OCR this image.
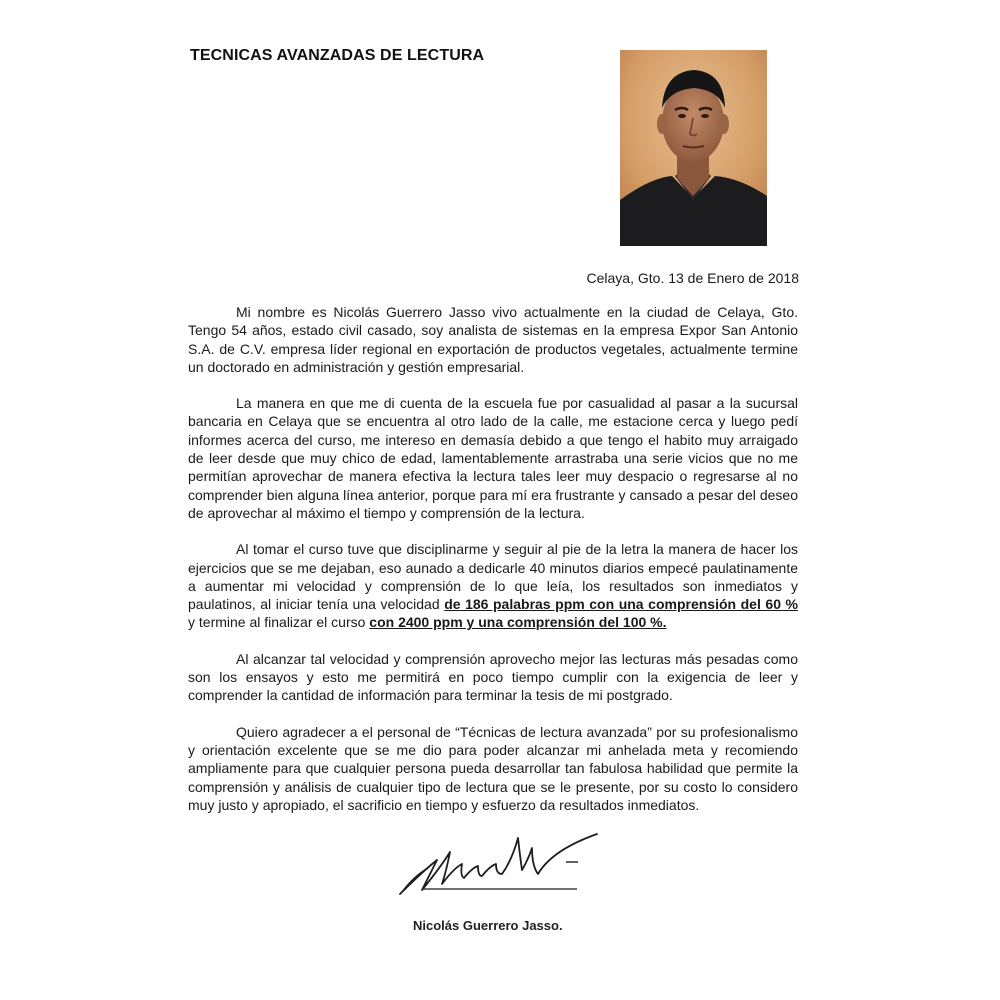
TECNICAS AVANZADAS DE LECTURA
Celaya, Gto. 13 de Enero de 2018

Mi nombre es Nicolás Guerrero Jasso vivo actualmente en la ciudad de Celaya, Gto. Tengo 54 años, estado civil casado, soy analista de sistemas en la empresa Expor San Antonio S.A. de C.V. empresa líder regional en exportación de productos vegetales, actualmente termine un doctorado en administración y gestión empresarial.

La manera en que me di cuenta de la escuela fue por casualidad al pasar a la sucursal bancaria en Celaya que se encuentra al otro lado de la calle, me estacione cerca y luego pedí informes acerca del curso, me intereso en demasía debido a que tengo el habito muy arraigado de leer desde que muy chico de edad, lamentablemente arrastraba una serie vicios que no me permitían aprovechar de manera efectiva la lectura tales leer muy despacio o regresarse al no comprender bien alguna línea anterior, porque para mí era frustrante y cansado a pesar del deseo de aprovechar al máximo el tiempo y comprensión de la lectura.

Al tomar el curso tuve que disciplinarme y seguir al pie de la letra la manera de hacer los ejercicios que se me dejaban, eso aunado a dedicarle 40 minutos diarios empecé paulatinamente a aumentar mi velocidad y comprensión de lo que leía, los resultados son inmediatos y paulatinos, al iniciar tenía una velocidad de 186 palabras ppm con una comprensión del 60 % y termine al finalizar el curso con 2400 ppm y una comprensión del 100 %.

Al alcanzar tal velocidad y comprensión aprovecho mejor las lecturas más pesadas como son los ensayos y esto me permitirá en poco tiempo cumplir con la exigencia de leer y comprender la cantidad de información para terminar la tesis de mi postgrado.

Quiero agradecer a el personal de “Técnicas de lectura avanzada” por su profesionalismo y orientación excelente que se me dio para poder alcanzar mi anhelada meta y recomiendo ampliamente para que cualquier persona pueda desarrollar tan fabulosa habilidad que permite la comprensión y análisis de cualquier tipo de lectura que se le presente, por su costo lo considero muy justo y apropiado, el sacrificio en tiempo y esfuerzo da resultados inmediatos.

Nicolás Guerrero Jasso.
